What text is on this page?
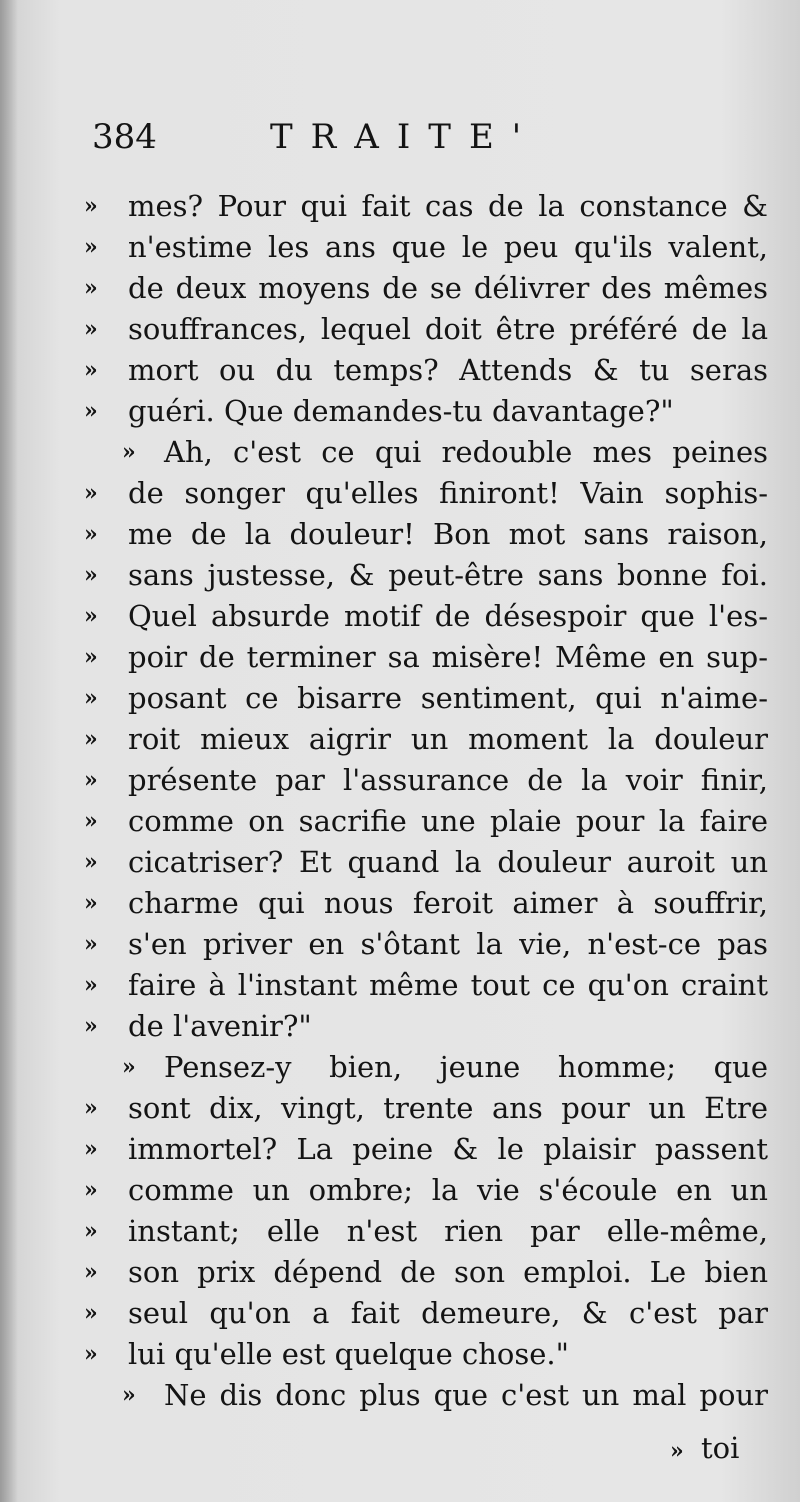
384	TRAITE'
»	mes? Pour qui fait cas de la constance &
»	n'estime les ans que le peu qu'ils valent,
»	de deux moyens de se délivrer des mêmes
»	souffrances, lequel doit être préféré de la
»	mort ou du temps? Attends & tu seras
»	guéri. Que demandes-tu davantage?"
» Ah, c'est ce qui redouble mes peines
»	de songer qu'elles finiront! Vain sophis-
»	me de la douleur! Bon mot sans raison,
»	sans justesse, & peut-être sans bonne foi.
»	Quel absurde motif de désespoir que l'es-
»	poir de terminer sa misère! Même en sup-
»	posant ce bisarre sentiment, qui n'aime-
»	roit mieux aigrir un moment la douleur
»	présente par l'assurance de la voir finir,
»	comme on sacrifie une plaie pour la faire
»	cicatriser? Et quand la douleur auroit un
»	charme qui nous feroit aimer à souffrir,
»	s'en priver en s'ôtant la vie, n'est-ce pas
»	faire à l'instant même tout ce qu'on craint
»	de l'avenir?"
» Pensez-y bien, jeune homme; que
»	sont dix, vingt, trente ans pour un Etre
»	immortel? La peine & le plaisir passent
»	comme un ombre; la vie s'écoule en un
»	instant; elle n'est rien par elle-même,
»	son prix dépend de son emploi. Le bien
»	seul qu'on a fait demeure, & c'est par
»	lui qu'elle est quelque chose."
» Ne dis donc plus que c'est un mal pour
» toi
